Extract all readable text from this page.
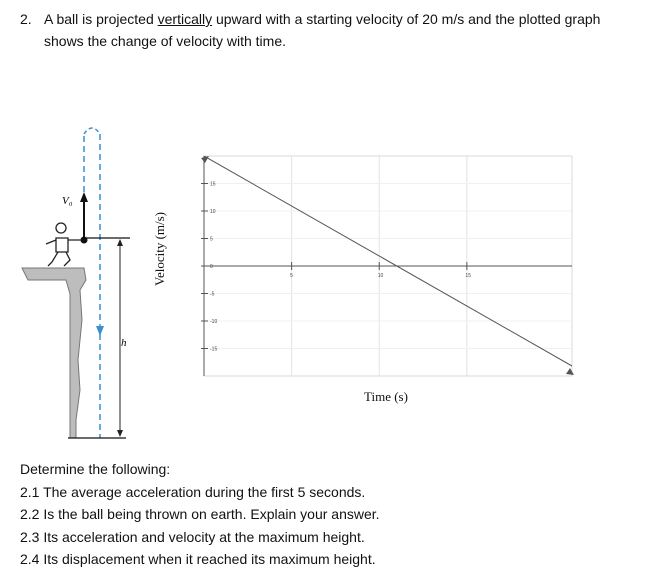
2. A ball is projected vertically upward with a starting velocity of 20 m/s and the plotted graph
shows the change of velocity with time.
V₀
h
Velocity (m/s)
15
10
5
0
-5
-10
-15
5	10	15
Time (s)
Determine the following:
2.1 The average acceleration during the first 5 seconds.
2.2 Is the ball being thrown on earth. Explain your answer.
2.3 Its acceleration and velocity at the maximum height.
2.4 Its displacement when it reached its maximum height.
